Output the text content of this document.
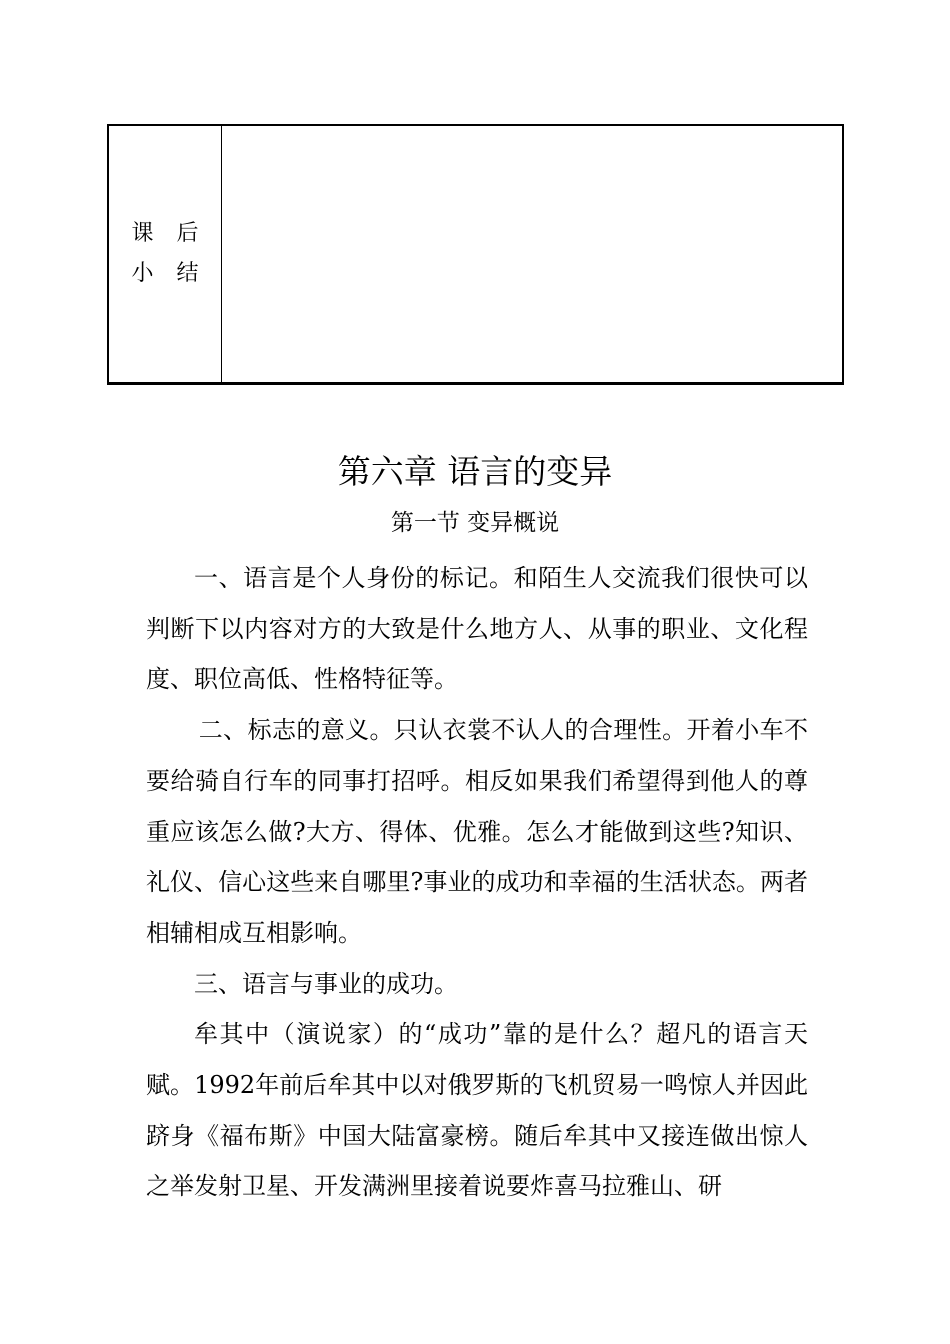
课 后
小 结
第六章 语言的变异
第一节 变异概说

一、语言是个人身份的标记。和陌生人交流我们很快可以判断下以内容对方的大致是什么地方人、从事的职业、文化程度、职位高低、性格特征等。

二、标志的意义。只认衣裳不认人的合理性。开着小车不要给骑自行车的同事打招呼。相反如果我们希望得到他人的尊重应该怎么做?大方、得体、优雅。怎么才能做到这些?知识、礼仪、信心这些来自哪里?事业的成功和幸福的生活状态。两者相辅相成互相影响。

三、语言与事业的成功。

牟其中（演说家）的“成功”靠的是什么？超凡的语言天赋。1992年前后牟其中以对俄罗斯的飞机贸易一鸣惊人并因此跻身《福布斯》中国大陆富豪榜。随后牟其中又接连做出惊人之举发射卫星、开发满洲里接着说要炸喜马拉雅山、研
